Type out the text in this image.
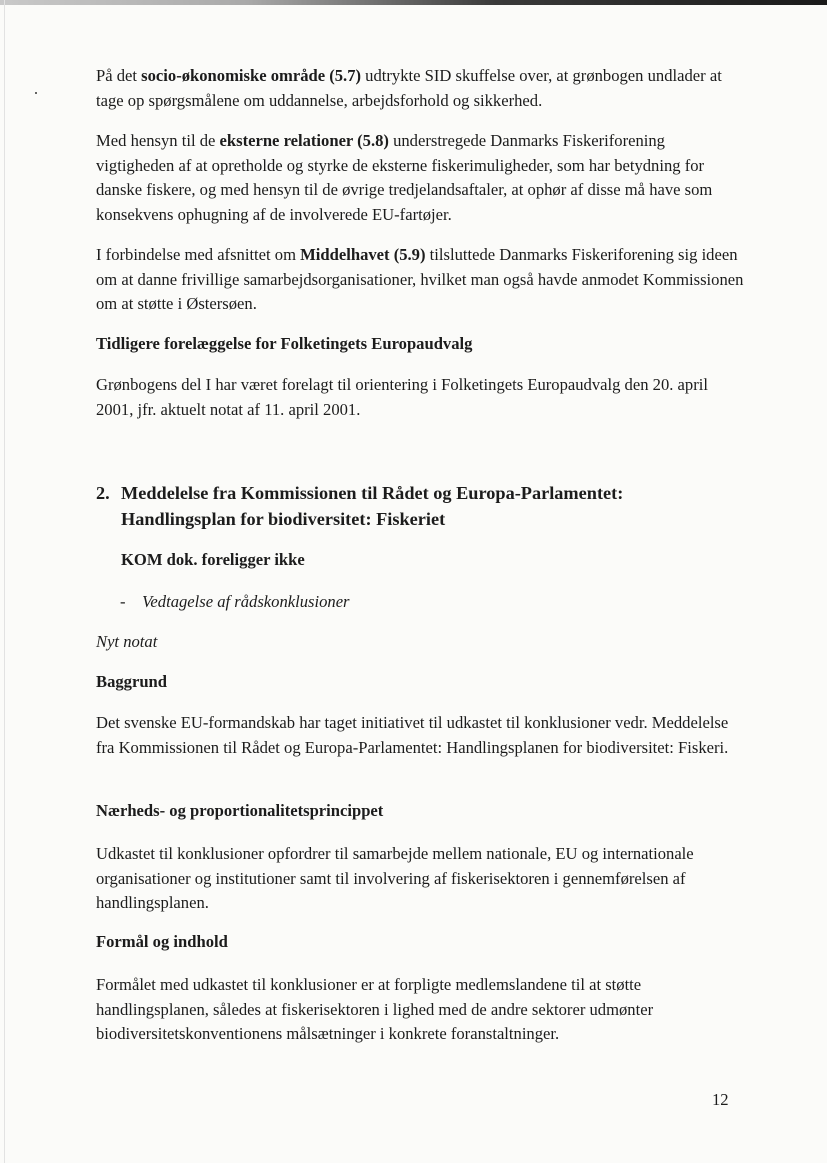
På det socio-økonomiske område (5.7) udtrykte SID skuffelse over, at grønbogen undlader at tage op spørgsmålene om uddannelse, arbejdsforhold og sikkerhed.

Med hensyn til de eksterne relationer (5.8) understregede Danmarks Fiskeriforening vigtigheden af at opretholde og styrke de eksterne fiskerimuligheder, som har betydning for danske fiskere, og med hensyn til de øvrige tredjelandsaftaler, at ophør af disse må have som konsekvens ophugning af de involverede EU-fartøjer.

I forbindelse med afsnittet om Middelhavet (5.9) tilsluttede Danmarks Fiskeriforening sig ideen om at danne frivillige samarbejdsorganisationer, hvilket man også havde anmodet Kommissionen om at støtte i Østersøen.

Tidligere forelæggelse for Folketingets Europaudvalg

Grønbogens del I har været forelagt til orientering i Folketingets Europaudvalg den 20. april 2001, jfr. aktuelt notat af 11. april 2001.

2. Meddelelse fra Kommissionen til Rådet og Europa-Parlamentet: Handlingsplan for biodiversitet: Fiskeriet

KOM dok. foreligger ikke

- Vedtagelse af rådskonklusioner

Nyt notat

Baggrund

Det svenske EU-formandskab har taget initiativet til udkastet til konklusioner vedr. Meddelelse fra Kommissionen til Rådet og Europa-Parlamentet: Handlingsplanen for biodiversitet: Fiskeri.

Nærheds- og proportionalitetsprincippet

Udkastet til konklusioner opfordrer til samarbejde mellem nationale, EU og internationale organisationer og institutioner samt til involvering af fiskerisektoren i gennemførelsen af handlingsplanen.

Formål og indhold

Formålet med udkastet til konklusioner er at forpligte medlemslandene til at støtte handlingsplanen, således at fiskerisektoren i lighed med de andre sektorer udmønter biodiversitetskonventionens målsætninger i konkrete foranstaltninger.

12
